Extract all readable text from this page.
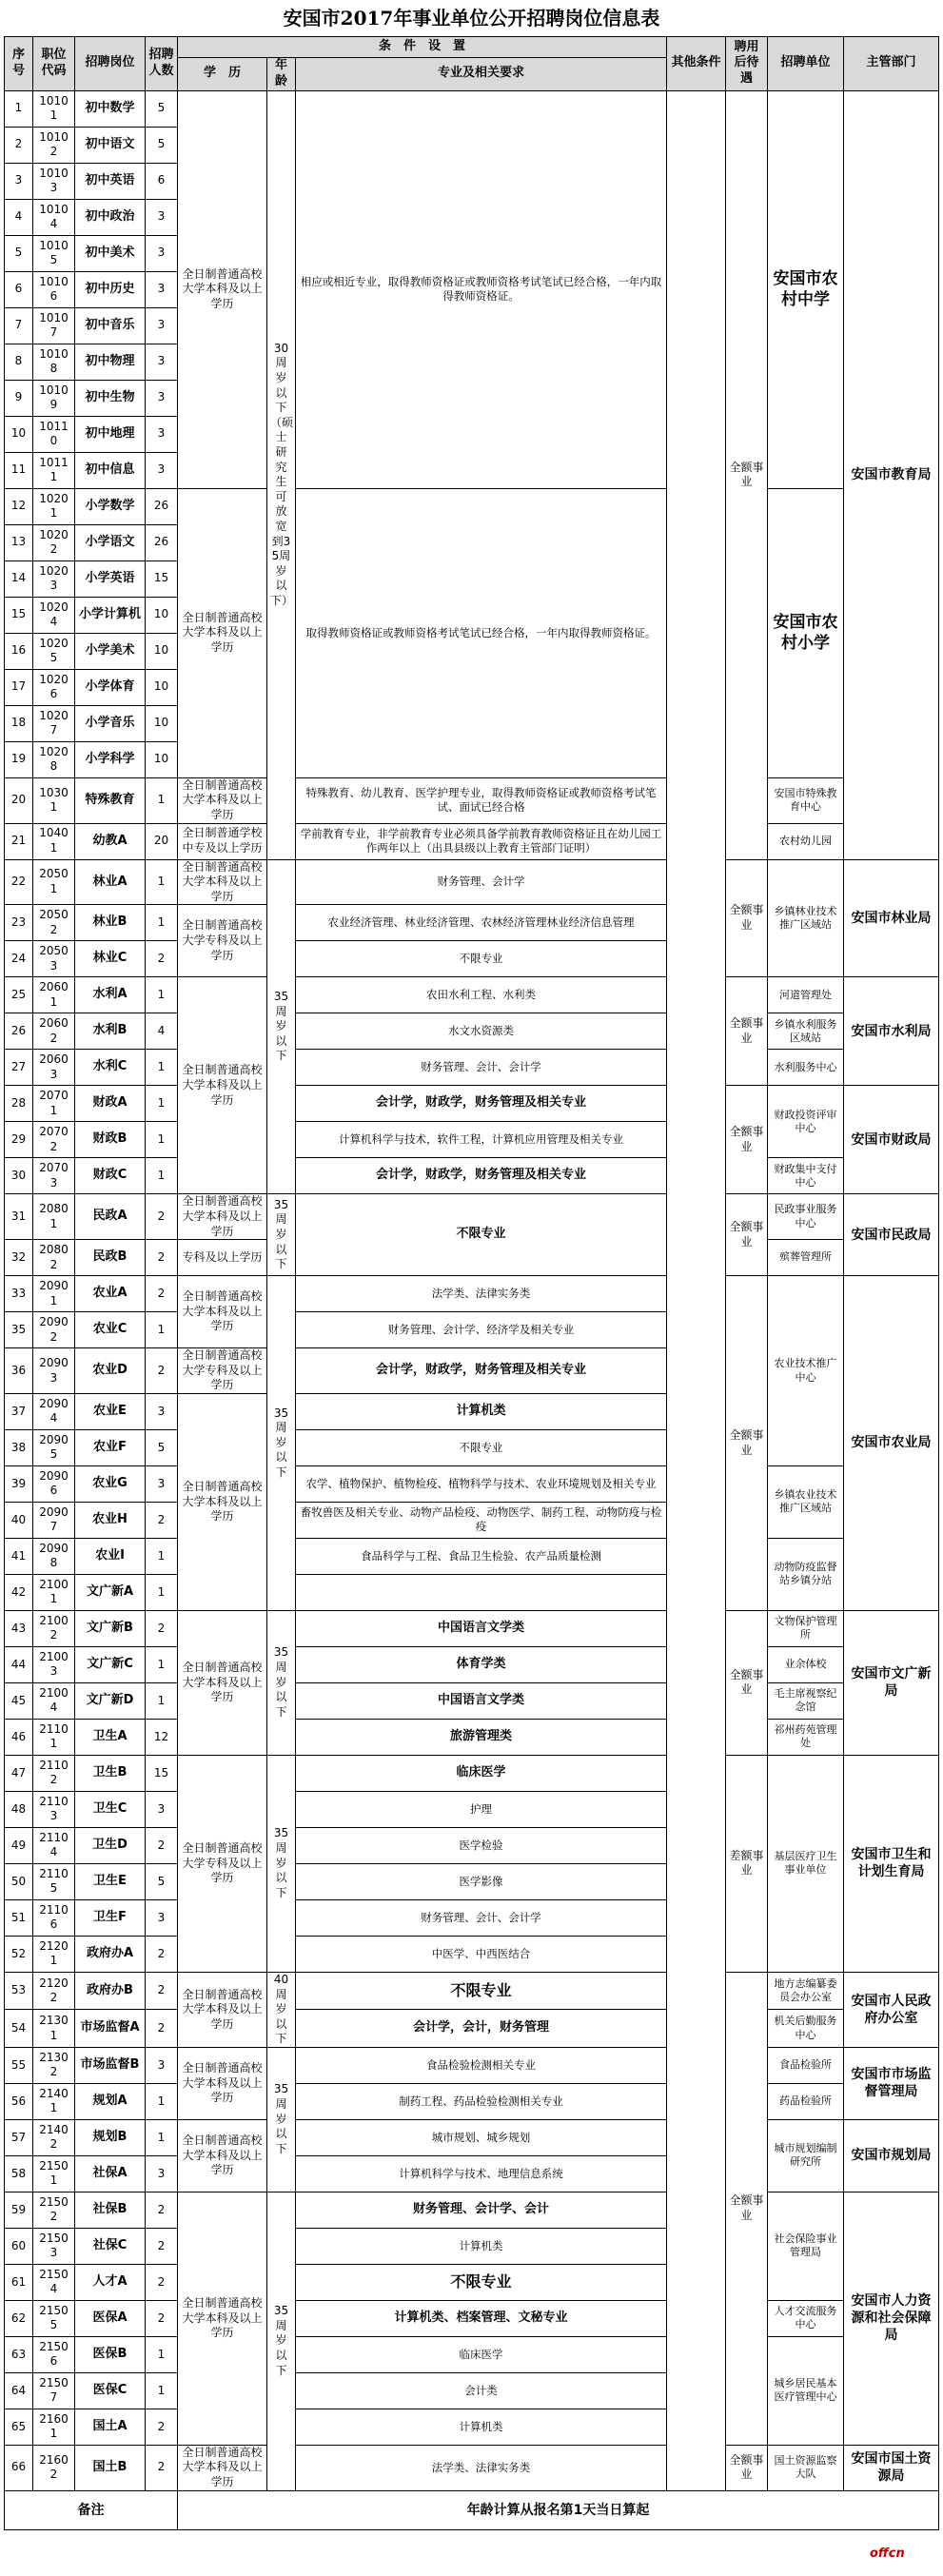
安国市2017年事业单位公开招聘岗位信息表
序号	职位代码	招聘岗位	招聘人数	条　件　设　置			其他条件	聘用后待遇	招聘单位	主管部门
				学　历	年龄	专业及相关要求				
1	10101	初中数学	5	全日制普通高校大学本科及以上学历	30周岁以下（硕士研究生可放宽到35周岁以下）	相应或相近专业，取得教师资格证或教师资格考试笔试已经合格，一年内取得教师资格证。		全额事业	安国市农村中学	安国市教育局
2	10102	初中语文	5							
3	10103	初中英语	6							
4	10104	初中政治	3							
5	10105	初中美术	3							
6	10106	初中历史	3							
7	10107	初中音乐	3							
8	10108	初中物理	3							
9	10109	初中生物	3							
10	10110	初中地理	3							
11	10111	初中信息	3							
12	10201	小学数学	26	全日制普通高校大学本科及以上学历		取得教师资格证或教师资格考试笔试已经合格，一年内取得教师资格证。			安国市农村小学	
13	10202	小学语文	26							
14	10203	小学英语	15							
15	10204	小学计算机	10							
16	10205	小学美术	10							
17	10206	小学体育	10							
18	10207	小学音乐	10							
19	10208	小学科学	10							
20	10301	特殊教育	1	全日制普通高校大学本科及以上学历		特殊教育、幼儿教育、医学护理专业，取得教师资格证或教师资格考试笔试、面试已经合格			安国市特殊教育中心	
21	10401	幼教A	20	全日制普通学校中专及以上学历		学前教育专业，非学前教育专业必须具备学前教育教师资格证且在幼儿园工作两年以上（出具县级以上教育主管部门证明）			农村幼儿园	
22	20501	林业A	1	全日制普通高校大学本科及以上学历	35周岁以下	财务管理、会计学		全额事业	乡镇林业技术推广区域站	安国市林业局
23	20502	林业B	1	全日制普通高校大学专科及以上学历		农业经济管理、林业经济管理、农林经济管理林业经济信息管理				
24	20503	林业C	2			不限专业				
25	20601	水利A	1	全日制普通高校大学本科及以上学历		农田水利工程、水利类		全额事业	河道管理处	安国市水利局
26	20602	水利B	4			水文水资源类			乡镇水利服务区域站	
27	20603	水利C	1			财务管理、会计、会计学			水利服务中心	
28	20701	财政A	1			会计学，财政学，财务管理及相关专业		全额事业	财政投资评审中心	安国市财政局
29	20702	财政B	1			计算机科学与技术，软件工程，计算机应用管理及相关专业				
30	20703	财政C	1			会计学，财政学，财务管理及相关专业			财政集中支付中心	
31	20801	民政A	2	全日制普通高校大学本科及以上学历	35周岁以下	不限专业		全额事业	民政事业服务中心	安国市民政局
32	20802	民政B	2	专科及以上学历					殡葬管理所	
33	20901	农业A	2	全日制普通高校大学本科及以上学历	35周岁以下	法学类、法律实务类		全额事业	农业技术推广中心	安国市农业局
35	20902	农业C	1			财务管理、会计学、经济学及相关专业				
36	20903	农业D	2	全日制普通高校大学专科及以上学历		会计学，财政学，财务管理及相关专业				
37	20904	农业E	3	全日制普通高校大学本科及以上学历		计算机类				
38	20905	农业F	5			不限专业				
39	20906	农业G	3			农学、植物保护、植物检疫、植物科学与技术、农业环境规划及相关专业			乡镇农业技术推广区域站	
40	20907	农业H	2			畜牧兽医及相关专业、动物产品检疫、动物医学、制药工程、动物防疫与检疫				
41	20908	农业I	1			食品科学与工程、食品卫生检验、农产品质量检测			动物防疫监督站乡镇分站	
42	21001	文广新A	1							
43	21002	文广新B	2	全日制普通高校大学本科及以上学历	35周岁以下	中国语言文学类		全额事业	文物保护管理所	安国市文广新局
44	21003	文广新C	1			体育学类			业余体校	
45	21004	文广新D	1			中国语言文学类			毛主席视察纪念馆	
46	21101	卫生A	12			旅游管理类			祁州药苑管理处	
47	21102	卫生B	15	全日制普通高校大学专科及以上学历	35周岁以下	临床医学		差额事业	基层医疗卫生事业单位	安国市卫生和计划生育局
48	21103	卫生C	3			护理				
49	21104	卫生D	2			医学检验				
50	21105	卫生E	5			医学影像				
51	21106	卫生F	3			财务管理、会计、会计学				
52	21201	政府办A	2			中医学、中西医结合				
53	21202	政府办B	2	全日制普通高校大学本科及以上学历	40周岁以下	不限专业		全额事业	地方志编纂委员会办公室	安国市人民政府办公室
54	21301	市场监督A	2			会计学，会计，财务管理			机关后勤服务中心	
55	21302	市场监督B	3	全日制普通高校大学本科及以上学历	35周岁以下	食品检验检测相关专业			食品检验所	安国市市场监督管理局
56	21401	规划A	1			制药工程、药品检验检测相关专业			药品检验所	
57	21402	规划B	1	全日制普通高校大学本科及以上学历		城市规划、城乡规划			城市规划编制研究所	安国市规划局
58	21501	社保A	3			计算机科学与技术、地理信息系统				
59	21502	社保B	2	全日制普通高校大学本科及以上学历	35周岁以下	财务管理、会计学、会计			社会保险事业管理局	安国市人力资源和社会保障局
60	21503	社保C	2			计算机类				
61	21504	人才A	2			不限专业				
62	21505	医保A	2			计算机类、档案管理、文秘专业			人才交流服务中心	
63	21506	医保B	1			临床医学			城乡居民基本医疗管理中心	
64	21507	医保C	1			会计类				
65	21601	国土A	2			计算机类				
66	21602	国土B	2	全日制普通高校大学本科及以上学历		法学类、法律实务类		全额事业	国土资源监察大队	安国市国土资源局
备注				年龄计算从报名第1天当日算起						
offcn
